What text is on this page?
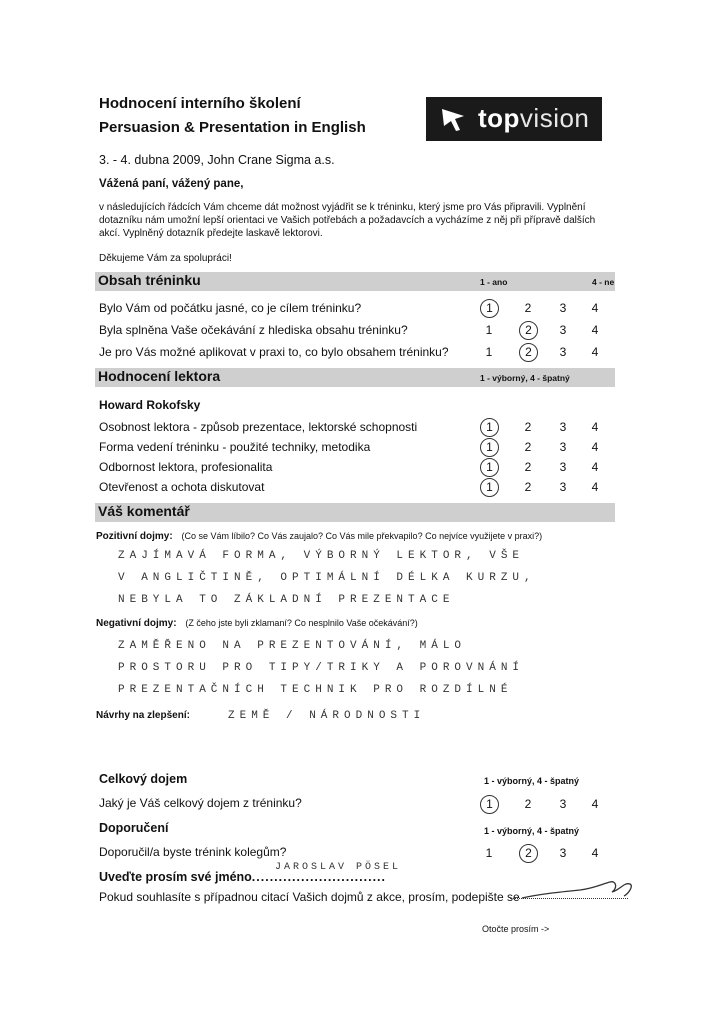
Hodnocení interního školení
Persuasion & Presentation in English	topvision
3. - 4. dubna 2009, John Crane Sigma a.s.
Vážená paní, vážený pane,
v následujících řádcích Vám chceme dát možnost vyjádřit se k tréninku, který jsme pro Vás připravili. Vyplnění dotazníku nám umožní lepší orientaci ve Vašich potřebách a požadavcích a vycházíme z něj při přípravě dalších akcí. Vyplněný dotazník předejte laskavě lektorovi.
Děkujeme Vám za spolupráci!
Obsah tréninku	1 - ano	4 - ne
Bylo Vám od počátku jasné, co je cílem tréninku?	1	2	3	4
Byla splněna Vaše očekávání z hlediska obsahu tréninku?	1	2	3	4
Je pro Vás možné aplikovat v praxi to, co bylo obsahem tréninku?	1	2	3	4
Hodnocení lektora	1 - výborný, 4 - špatný
Howard Rokofsky
Osobnost lektora - způsob prezentace, lektorské schopnosti	1	2	3	4
Forma vedení tréninku - použité techniky, metodika	1	2	3	4
Odbornost lektora, profesionalita	1	2	3	4
Otevřenost a ochota diskutovat	1	2	3	4
Váš komentář
Pozitivní dojmy: (Co se Vám líbilo? Co Vás zaujalo? Co Vás mile překvapilo? Co nejvíce využijete v praxi?)
ZAJÍMAVÁ FORMA, VÝBORNÝ LEKTOR, VŠE
V ANGLIČTINĚ, OPTIMÁLNÍ DÉLKA KURZU,
NEBYLA TO ZÁKLADNÍ PREZENTACE
Negativní dojmy: (Z čeho jste byli zklamaní? Co nesplnilo Vaše očekávání?)
ZAMĚŘENO NA PREZENTOVÁNÍ, MÁLO
PROSTORU PRO TIPY/TRIKY A POROVNÁNÍ
PREZENTAČNÍCH TECHNIK PRO ROZDÍLNÉ
Návrhy na zlepšení:	ZEMĚ / NÁRODNOSTI
Celkový dojem	1 - výborný, 4 - špatný
Jaký je Váš celkový dojem z tréninku?	1	2	3	4
Doporučení	1 - výborný, 4 - špatný
Doporučil/a byste trénink kolegům?	1	2	3	4
Uveďte prosím své jméno..............................
JAROSLAV PÖSEL
Pokud souhlasíte s případnou citací Vašich dojmů z akce, prosím, podepište se
Otočte prosím ->
